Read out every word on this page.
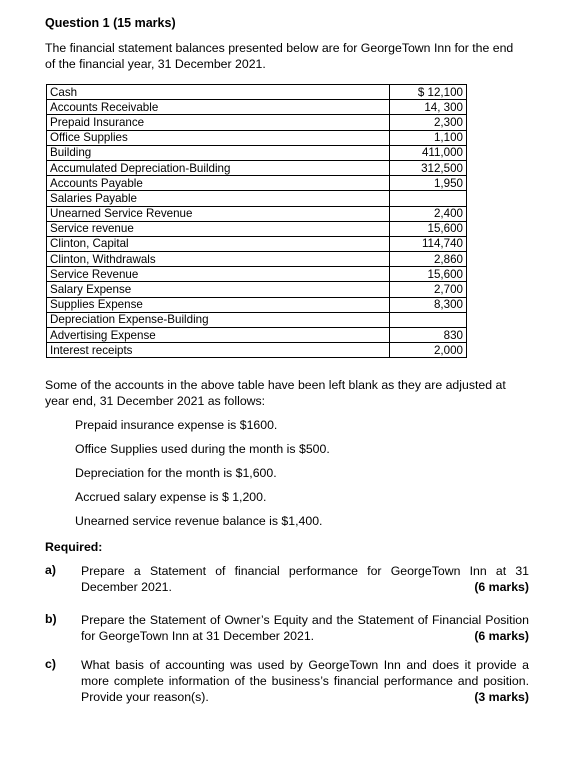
Question 1 (15 marks)
The financial statement balances presented below are for GeorgeTown Inn for the end of the financial year, 31 December 2021.
Cash	$ 12,100
Accounts Receivable	14, 300
Prepaid Insurance	2,300
Office Supplies	1,100
Building	411,000
Accumulated Depreciation-Building	312,500
Accounts Payable	1,950
Salaries Payable	
Unearned Service Revenue	2,400
Service revenue	15,600
Clinton, Capital	114,740
Clinton, Withdrawals	2,860
Service Revenue	15,600
Salary Expense	2,700
Supplies Expense	8,300
Depreciation Expense-Building	
Advertising Expense	830
Interest receipts	2,000
Some of the accounts in the above table have been left blank as they are adjusted at year end, 31 December 2021 as follows:
Prepaid insurance expense is $1600.
Office Supplies used during the month is $500.
Depreciation for the month is $1,600.
Accrued salary expense is $ 1,200.
Unearned service revenue balance is $1,400.
Required:
a) Prepare a Statement of financial performance for GeorgeTown Inn at 31 December 2021.	(6 marks)
b) Prepare the Statement of Owner’s Equity and the Statement of Financial Position for GeorgeTown Inn at 31 December 2021.	(6 marks)
c) What basis of accounting was used by GeorgeTown Inn and does it provide a more complete information of the business’s financial performance and position. Provide your reason(s).	(3 marks)
